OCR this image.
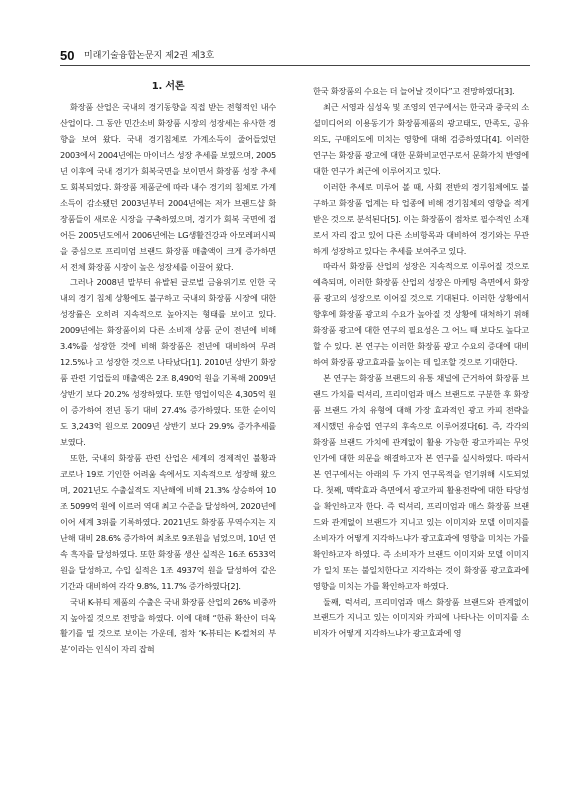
50 미래기술융합논문지 제2권 제3호
1. 서론

화장품 산업은 국내의 경기동향을 직접 받는 전형적인 내수 산업이다. 그 동안 민간소비 화장품 시장의 성장세는 유사한 경향을 보여 왔다. 국내 경기침체로 가계소득이 줄어들었던 2003에서 2004년에는 마이너스 성장 추세를 보였으며, 2005년 이후에 국내 경기가 회복국면을 보이면서 화장품 성장 추세도 회복되었다. 화장품 제품군에 따라 내수 경기의 침체로 가계 소득이 감소됐던 2003년부터 2004년에는 저가 브랜드샵 화장품들이 새로운 시장을 구축하였으며, 경기가 회복 국면에 접어든 2005년도에서 2006년에는 LG생활건강과 아모레퍼시픽을 중심으로 프리미엄 브랜드 화장품 매출액이 크게 증가하면서 전체 화장품 시장이 높은 성장세를 이끌어 왔다.

그러나 2008년 말부터 유발된 글로벌 금융위기로 인한 국내의 경기 침체 상황에도 불구하고 국내의 화장품 시장에 대한 성장률은 오히려 지속적으로 높아지는 형태를 보이고 있다. 2009년에는 화장품이외 다른 소비재 상품 군이 전년에 비해 3.4%를 성장한 것에 비해 화장품은 전년에 대비하여 무려 12.5%나 고 성장한 것으로 나타났다[1]. 2010년 상반기 화장품 관련 기업들의 매출액은 2조 8,490억 원을 기록해 2009년 상반기 보다 20.2% 성장하였다. 또한 영업이익은 4,305억 원이 증가하여 전년 동기 대비 27.4% 증가하였다. 또한 순이익도 3,243억 원으로 2009년 상반기 보다 29.9% 증가추세를 보였다.

또한, 국내의 화장품 관련 산업은 세계의 경제적인 불황과 코로나 19로 기인한 어려움 속에서도 지속적으로 성장해 왔으며, 2021년도 수출실적도 지난해에 비해 21.3% 상승하여 10조 5099억 원에 이르러 역대 최고 수준을 달성하여, 2020년에 이어 세계 3위를 기록하였다. 2021년도 화장품 무역수지는 지난해 대비 28.6% 증가하여 최초로 9조원을 넘었으며, 10년 연속 흑자를 달성하였다. 또한 화장품 생산 실적은 16조 6533억원을 달성하고, 수입 실적은 1조 4937억 원을 달성하여 같은 기간과 대비하여 각각 9.8%, 11.7% 증가하였다[2].

국내 K-뷰티 제품의 수출은 국내 화장품 산업의 26% 비중까지 높아질 것으로 전망을 하였다. 이에 대해 “한류 확산이 더욱 활기를 띨 것으로 보이는 가운데, 점차 ‘K-뷰티는 K-컬처의 부분’이라는 인식이 자리 잡혀

한국 화장품의 수요는 더 늘어날 것이다”고 전망하였다[3].

최근 서영과 심성욱 및 조영의 연구에서는 한국과 중국의 소셜미디어의 이용동기가 화장품제품의 광고태도, 만족도, 공유의도, 구매의도에 미치는 영향에 대해 검증하였다[4]. 이러한 연구는 화장품 광고에 대한 문화비교연구로서 문화가치 반영에 대한 연구가 최근에 이루어지고 있다.

이러한 추세로 미루어 볼 때, 사회 전반의 경기침체에도 불구하고 화장품 업계는 타 업종에 비해 경기침체의 영향을 적게 받은 것으로 분석된다[5]. 이는 화장품이 점차로 필수적인 소재로서 자리 잡고 있어 다른 소비항목과 대비하여 경기와는 무관하게 성장하고 있다는 추세를 보여주고 있다.

따라서 화장품 산업의 성장은 지속적으로 이루어질 것으로 예측되며, 이러한 화장품 산업의 성장은 마케팅 측면에서 화장품 광고의 성장으로 이어질 것으로 기대된다. 이러한 상황에서 향후에 화장품 광고의 수요가 높아질 것 상황에 대처하기 위해 화장품 광고에 대한 연구의 필요성은 그 어느 때 보다도 높다고 할 수 있다. 본 연구는 이러한 화장품 광고 수요의 증대에 대비하여 화장품 광고효과를 높이는 데 일조할 것으로 기대한다.

본 연구는 화장품 브랜드의 유통 채널에 근거하여 화장품 브랜드 가치를 럭셔리, 프리미엄과 매스 브랜드로 구분한 후 화장품 브랜드 가치 유형에 대해 가장 효과적인 광고 카피 전략을 제시했던 유승엽 연구의 후속으로 이루어졌다[6]. 즉, 각각의 화장품 브랜드 가치에 관계없이 활용 가능한 광고카피는 무엇인가에 대한 의문을 해결하고자 본 연구를 실시하였다. 따라서 본 연구에서는 아래의 두 가지 연구목적을 얻기위해 시도되었다. 첫째, 맥락효과 측면에서 광고카피 활용전략에 대한 타당성을 확인하고자 한다. 즉 럭셔리, 프리미엄과 매스 화장품 브랜드와 관계없이 브랜드가 지니고 있는 이미지와 모델 이미지를 소비자가 어떻게 지각하느냐가 광고효과에 영향을 미치는 가를 확인하고자 하였다. 즉 소비자가 브랜드 이미지와 모델 이미지가 일치 또는 불일치한다고 지각하는 것이 화장품 광고효과에 영향을 미치는 가를 확인하고자 하였다.

둘째, 럭셔리, 프리미엄과 매스 화장품 브랜드와 관계없이 브랜드가 지니고 있는 이미지와 카피에 나타나는 이미지를 소비자가 어떻게 지각하느냐가 광고효과에 영
